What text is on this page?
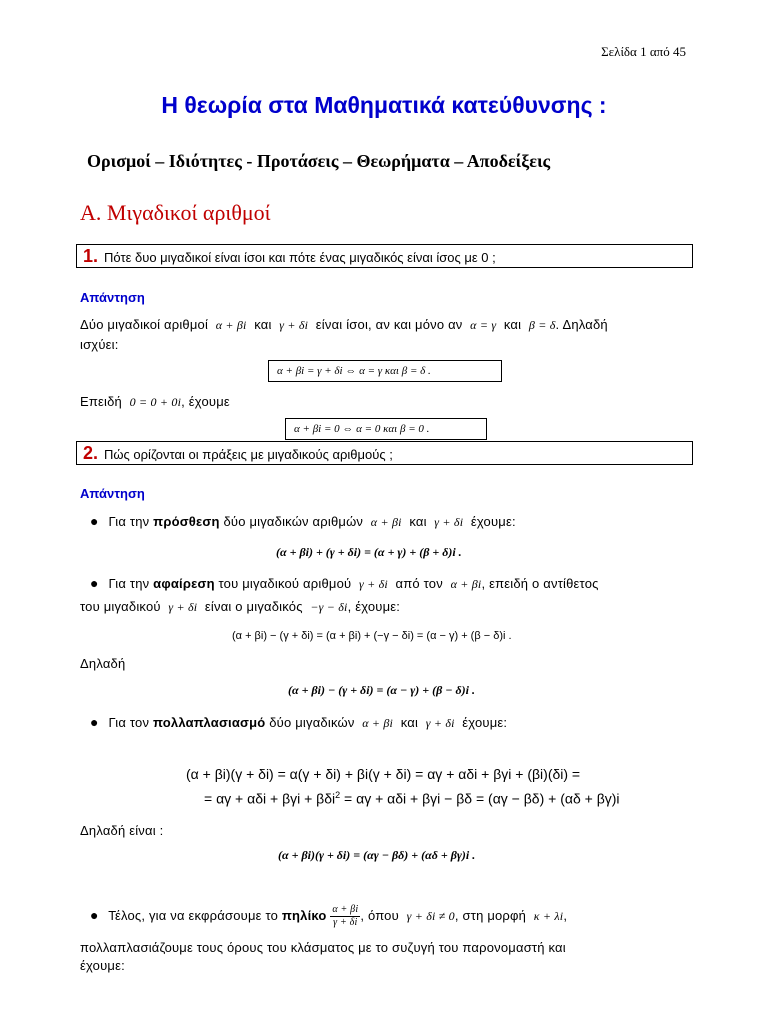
Σελίδα 1 από 45
Η θεωρία στα Μαθηματικά κατεύθυνσης :
Ορισμοί – Ιδιότητες - Προτάσεις – Θεωρήματα – Αποδείξεις
Α. Μιγαδικοί αριθμοί
1. Πότε δυο μιγαδικοί είναι ίσοι και πότε ένας μιγαδικός είναι ίσος με 0 ;
Απάντηση
Δύο μιγαδικοί αριθμοί α + βi και γ + δi είναι ίσοι, αν και μόνο αν α = γ και β = δ. Δηλαδή
ισχύει:
α + βi = γ + δi ⇔ α = γ και β = δ .
Επειδή 0 = 0 + 0i, έχουμε
α + βi = 0 ⇔ α = 0 και β = 0 .
2. Πώς ορίζονται οι πράξεις με μιγαδικούς αριθμούς ;
Απάντηση
● Για την πρόσθεση δύο μιγαδικών αριθμών α + βi και γ + δi έχουμε:
(α + βi) + (γ + δi) = (α + γ) + (β + δ)i .
● Για την αφαίρεση του μιγαδικού αριθμού γ + δi από τον α + βi, επειδή ο αντίθετος
του μιγαδικού γ + δi είναι ο μιγαδικός −γ − δi, έχουμε:
(α + βi) − (γ + δi) = (α + βi) + (−γ − δi) = (α − γ) + (β − δ)i .
Δηλαδή
(α + βi) − (γ + δi) = (α − γ) + (β − δ)i .
● Για τον πολλαπλασιασμό δύο μιγαδικών α + βi και γ + δi έχουμε:
(α + βi)(γ + δi) = α(γ + δi) + βi(γ + δi) = αγ + αδi + βγi + (βi)(δi) =
= αγ + αδi + βγi + βδi$^2$ = αγ + αδi + βγi − βδ = (αγ − βδ) + (αδ + βγ)i
Δηλαδή είναι :
(α + βi)(γ + δi) = (αγ − βδ) + (αδ + βγ)i .
● Τέλος, για να εκφράσουμε το πηλίκο $\frac{\alpha + \beta i}{\gamma + \delta i}$ , όπου γ + δi ≠ 0, στη μορφή κ + λi,
πολλαπλασιάζουμε τους όρους του κλάσματος με το συζυγή του παρονομαστή και
έχουμε:
